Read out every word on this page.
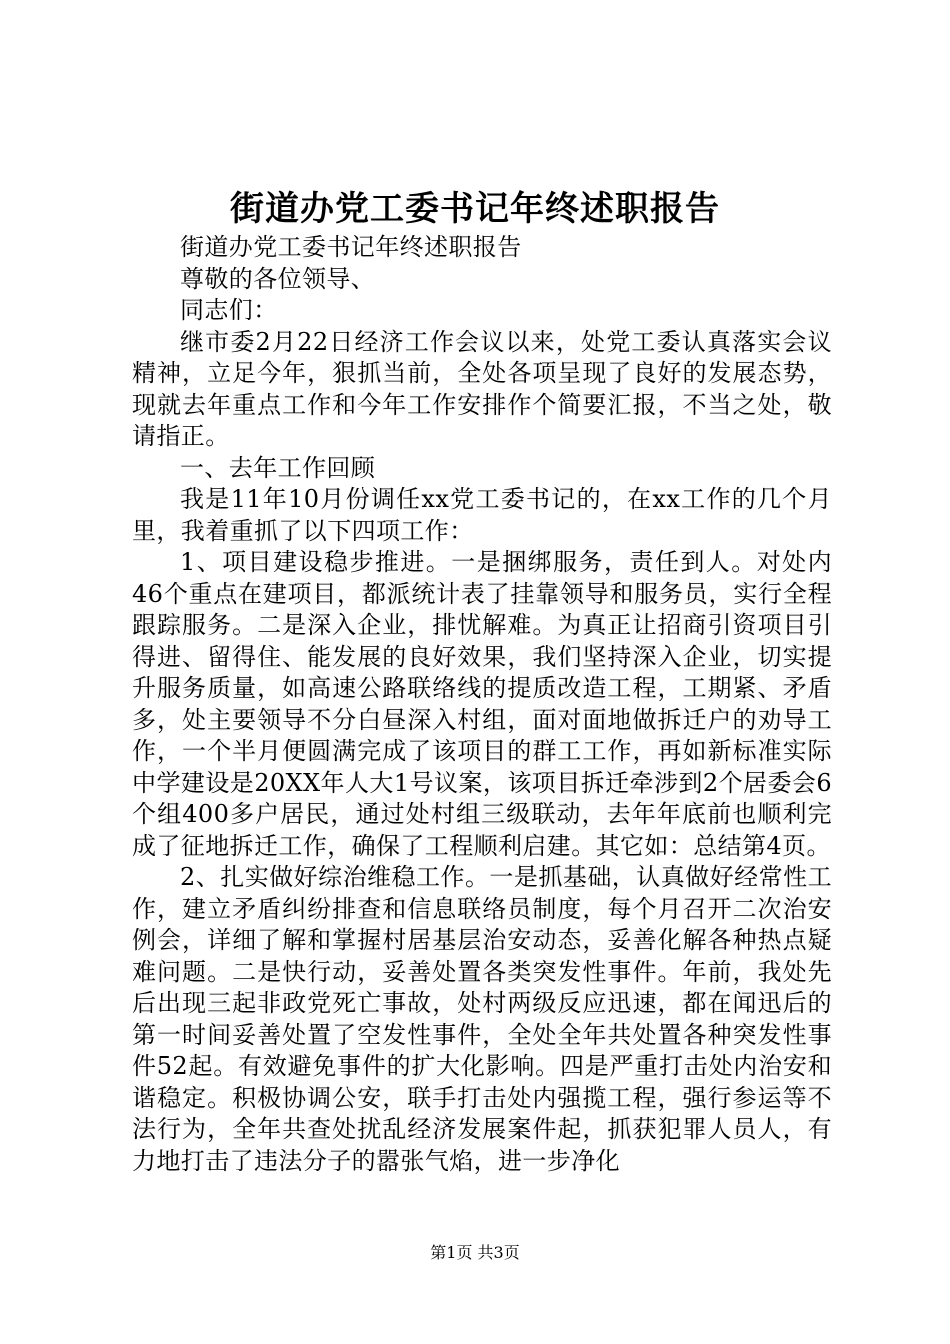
街道办党工委书记年终述职报告

街道办党工委书记年终述职报告

尊敬的各位领导、

同志们：

继市委2月22日经济工作会议以来，处党工委认真落实会议精神，立足今年，狠抓当前，全处各项呈现了良好的发展态势，现就去年重点工作和今年工作安排作个简要汇报，不当之处，敬请指正。

一、去年工作回顾

我是11年10月份调任xx党工委书记的，在xx工作的几个月里，我着重抓了以下四项工作：

1、项目建设稳步推进。一是捆绑服务，责任到人。对处内46个重点在建项目，都派统计表了挂靠领导和服务员，实行全程跟踪服务。二是深入企业，排忧解难。为真正让招商引资项目引得进、留得住、能发展的良好效果，我们坚持深入企业，切实提升服务质量，如高速公路联络线的提质改造工程，工期紧、矛盾多，处主要领导不分白昼深入村组，面对面地做拆迁户的劝导工作，一个半月便圆满完成了该项目的群工工作，再如新标准实际中学建设是20XX年人大1号议案，该项目拆迁牵涉到2个居委会6个组400多户居民，通过处村组三级联动，去年年底前也顺利完成了征地拆迁工作，确保了工程顺利启建。其它如：总结第4页。

2、扎实做好综治维稳工作。一是抓基础，认真做好经常性工作，建立矛盾纠纷排查和信息联络员制度，每个月召开二次治安例会，详细了解和掌握村居基层治安动态，妥善化解各种热点疑难问题。二是快行动，妥善处置各类突发性事件。年前，我处先后出现三起非政党死亡事故，处村两级反应迅速，都在闻迅后的第一时间妥善处置了空发性事件，全处全年共处置各种突发性事件52起。有效避免事件的扩大化影响。四是严重打击处内治安和谐稳定。积极协调公安，联手打击处内强揽工程，强行参运等不法行为，全年共查处扰乱经济发展案件起，抓获犯罪人员人，有力地打击了违法分子的嚣张气焰，进一步净化

第1页 共3页
